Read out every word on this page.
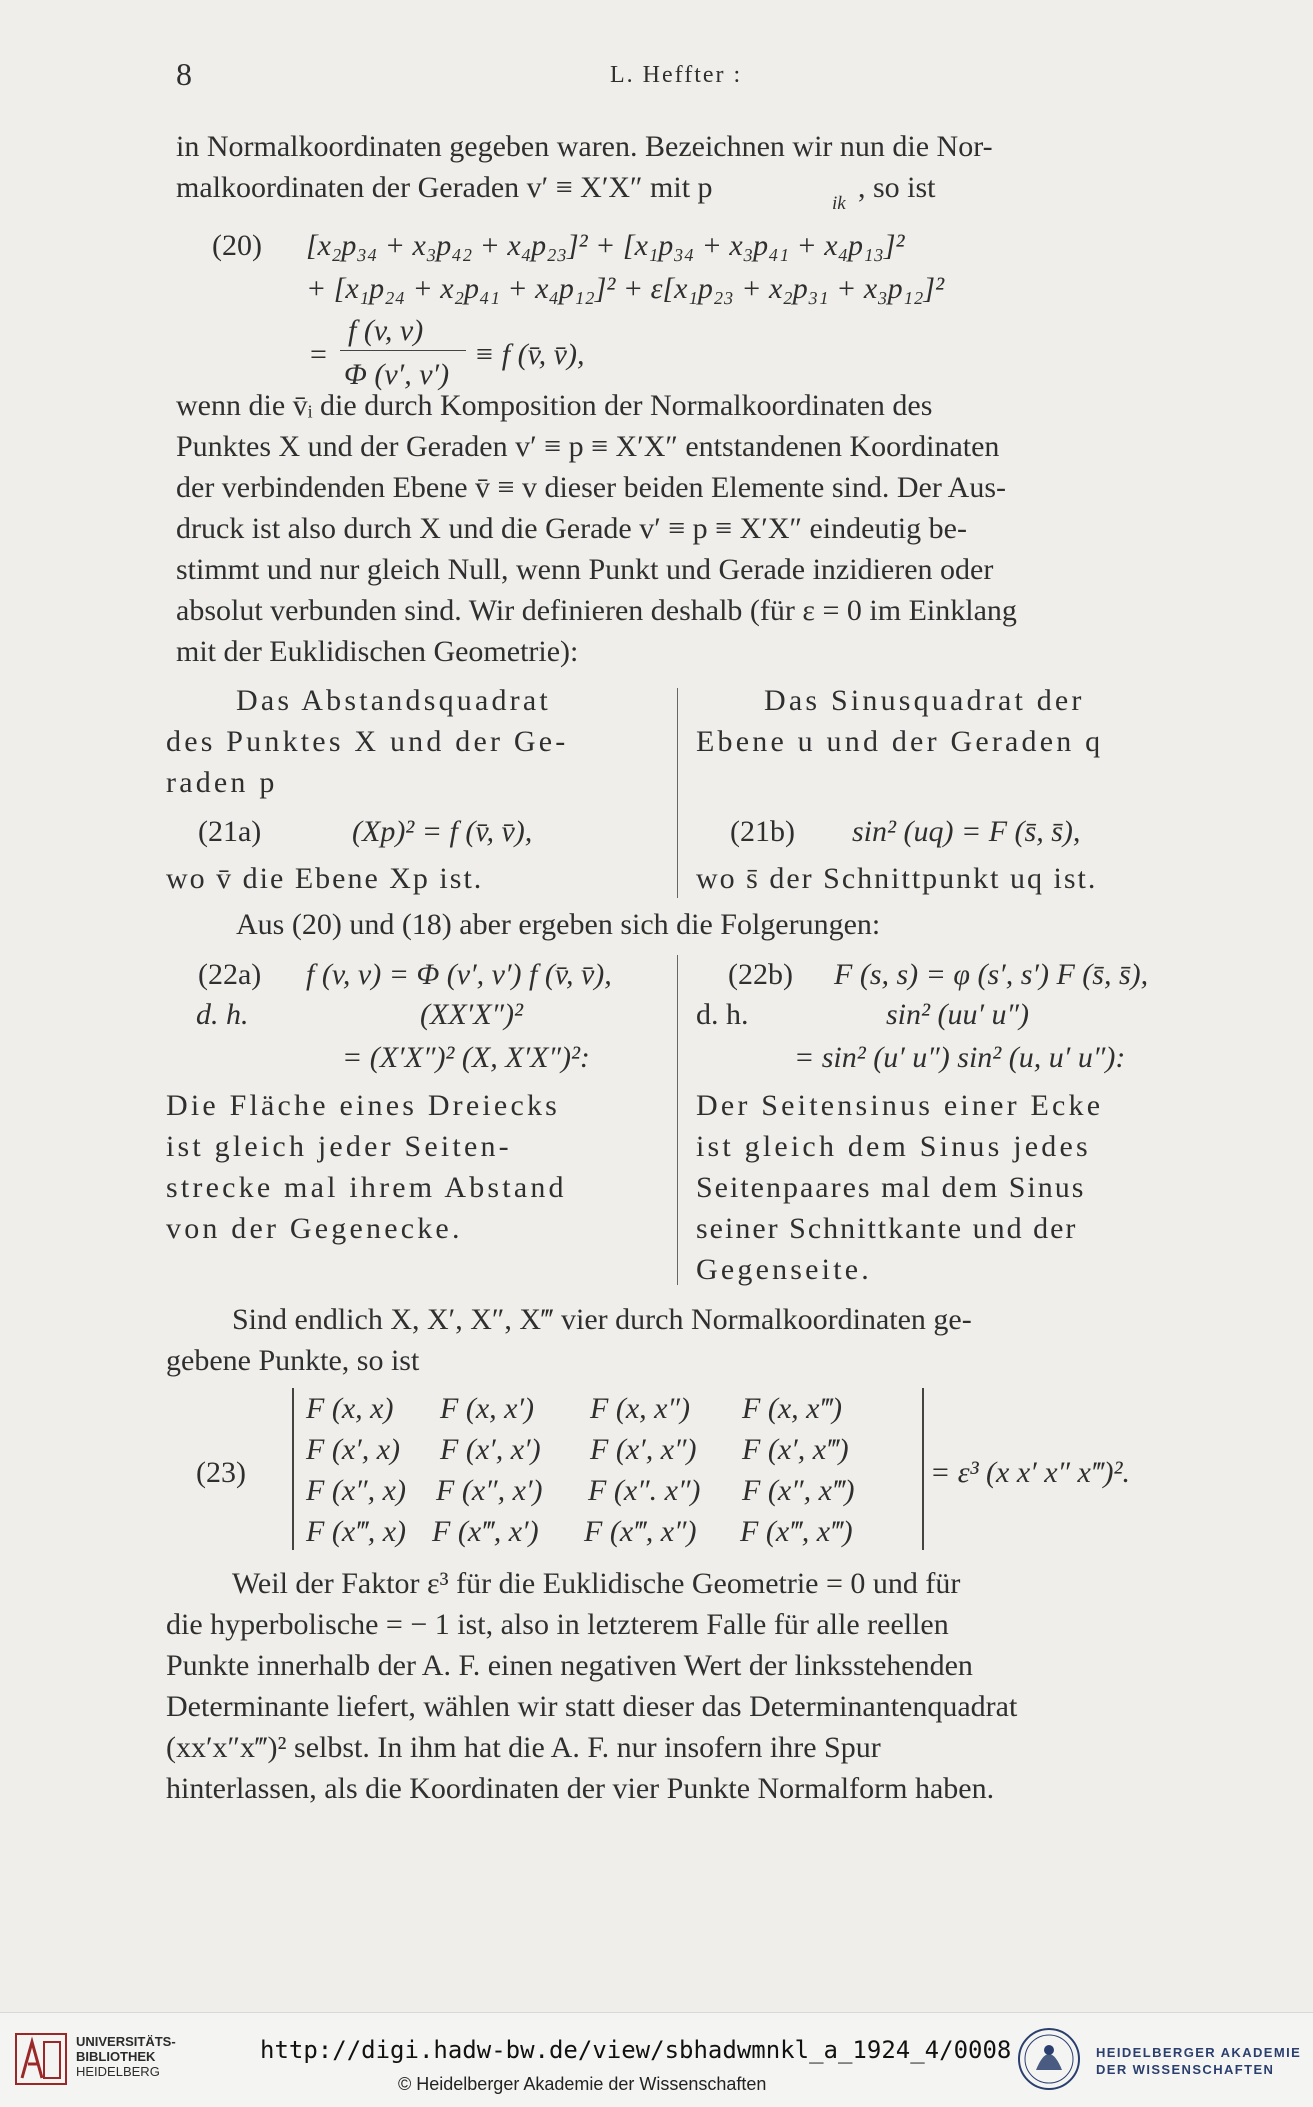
8	L. Heffter :
in Normalkoordinaten gegeben waren. Bezeichnen wir nun die Nor-
malkoordinaten der Geraden v′ ≡ X′X″ mit p	ik , so ist
(20) [x₂p₃₄ + x₃p₄₂ + x₄p₂₃]² + [x₁p₃₄ + x₃p₄₁ + x₄p₁₃]²
+ [x₁p₂₄ + x₂p₄₁ + x₄p₁₂]² + ε[x₁p₂₃ + x₂p₃₁ + x₃p₁₂]²
=
f (v, v)
Φ (v′, v′)
≡ f (v̄, v̄),
wenn die v̄ᵢ die durch Komposition der Normalkoordinaten des
Punktes X und der Geraden v′ ≡ p ≡ X′X″ entstandenen Koordinaten
der verbindenden Ebene v̄ ≡ v dieser beiden Elemente sind. Der Aus-
druck ist also durch X und die Gerade v′ ≡ p ≡ X′X″ eindeutig be-
stimmt und nur gleich Null, wenn Punkt und Gerade inzidieren oder
absolut verbunden sind. Wir definieren deshalb (für ε = 0 im Einklang
mit der Euklidischen Geometrie):
Das Abstandsquadrat
des Punktes X und der Ge-
raden p
(21a)	(Xp)² = f (v̄, v̄),
wo v̄ die Ebene Xp ist.
Das Sinusquadrat der
Ebene u und der Geraden q
(21b) sin² (uq) = F (s̄, s̄),
wo s̄ der Schnittpunkt uq ist.
Aus (20) und (18) aber ergeben sich die Folgerungen:
(22a) f (v, v) = Φ (v′, v′) f (v̄, v̄),
d. h.	(XX′X″)²
= (X′X″)² (X, X′X″)²:
Die Fläche eines Dreiecks
ist gleich jeder Seiten-
strecke mal ihrem Abstand
von der Gegenecke.
(22b) F (s, s) = φ (s′, s′) F (s̄, s̄),
d. h.	sin² (uu′ u″)
= sin² (u′ u″) sin² (u, u′ u″):
Der Seitensinus einer Ecke
ist gleich dem Sinus jedes
Seitenpaares mal dem Sinus
seiner Schnittkante und der
Gegenseite.
Sind endlich X, X′, X″, X‴ vier durch Normalkoordinaten ge-
gebene Punkte, so ist
(23)
F (x, x) F (x, x′) F (x, x″) F (x, x‴)
F (x′, x) F (x′, x′) F (x′, x″) F (x′, x‴)
F (x″, x) F (x″, x′) F (x″. x″) F (x″, x‴)
F (x‴, x) F (x‴, x′) F (x‴, x″) F (x‴, x‴)
= ε³ (x x′ x″ x‴)².
Weil der Faktor ε³ für die Euklidische Geometrie = 0 und für
die hyperbolische = − 1 ist, also in letzterem Falle für alle reellen
Punkte innerhalb der A. F. einen negativen Wert der linksstehenden
Determinante liefert, wählen wir statt dieser das Determinantenquadrat
(xx′x″x‴)² selbst. In ihm hat die A. F. nur insofern ihre Spur
hinterlassen, als die Koordinaten der vier Punkte Normalform haben.
UNIVERSITÄTS-
BIBLIOTHEK
HEIDELBERG
http://digi.hadw-bw.de/view/sbhadwmnkl_a_1924_4/0008
© Heidelberger Akademie der Wissenschaften
HEIDELBERGER AKADEMIE
DER WISSENSCHAFTEN
